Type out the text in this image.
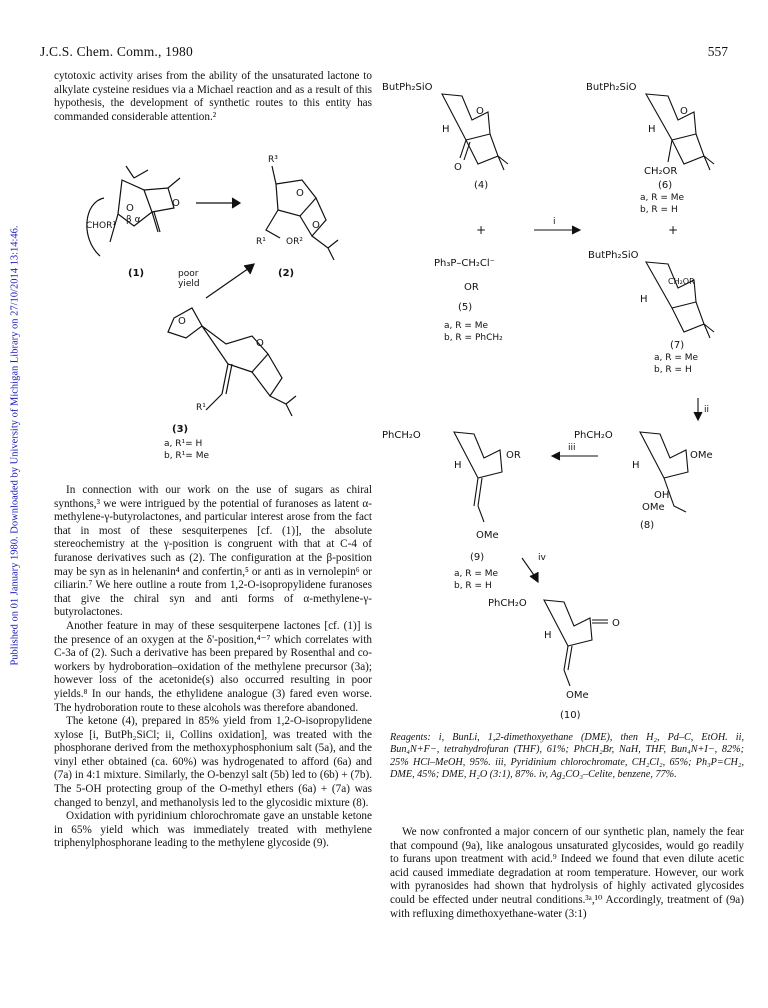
J.C.S. Chem. Comm., 1980	557
Published on 01 January 1980. Downloaded by University of Michigan Library on 27/10/2014 13:14:46.

cytotoxic activity arises from the ability of the unsaturated lactone to alkylate cysteine residues via a Michael reaction and as a result of this hypothesis, the development of synthetic routes to this entity has commanded considerable attention.²

O	O
β α
CHOR¹
(1)
R³
O
O
R¹ OR²
(2)
poor
yield
O
O
R¹
(3)
a, R¹= H
b, R¹= Me

In connection with our work on the use of sugars as chiral synthons,³ we were intrigued by the potential of furanoses as latent α-methylene-γ-butyrolactones, and particular interest arose from the fact that in most of these sesquiterpenes [cf. (1)], the absolute stereochemistry at the γ-position is congruent with that at C-4 of furanose derivatives such as (2). The configuration at the β-position may be syn as in helenanin⁴ and confertin,⁵ or anti as in vernolepin⁶ or ciliarin.⁷ We here outline a route from 1,2-O-isopropylidene furanoses that give the chiral syn and anti forms of α-methylene-γ-butyrolactones.

Another feature in may of these sesquiterpene lactones [cf. (1)] is the presence of an oxygen at the δ'-position,⁴⁻⁷ which correlates with C-3a of (2). Such a derivative has been prepared by Rosenthal and co-workers by hydroboration–oxidation of the methylene precursor (3a); however loss of the acetonide(s) also occurred resulting in poor yields.⁸ In our hands, the ethylidene analogue (3) fared even worse. The hydroboration route to these alcohols was therefore abandoned.

The ketone (4), prepared in 85% yield from 1,2-O-isopropylidene xylose [i, ButPh₂SiCl; ii, Collins oxidation], was treated with the phosphorane derived from the methoxyphosphonium salt (5a), and the vinyl ether obtained (ca. 60%) was hydrogenated to afford (6a) and (7a) in 4:1 mixture. Similarly, the O-benzyl salt (5b) led to (6b) + (7b). The 5-OH protecting group of the O-methyl ethers (6a) + (7a) was changed to benzyl, and methanolysis led to the glycosidic mixture (8).

Oxidation with pyridinium chlorochromate gave an unstable ketone in 65% yield which was immediately treated with methylene triphenylphosphorane leading to the methylene glycoside (9).

ButPh₂SiO	ButPh₂SiO
O	O
H	H
O	CH₂OR
(4)	(6)
a, R = Me
b, R = H
+
i
+
ButPh₂SiO
Ph₃P–CH₂Cl⁻
OR
(5)
a, R = Me
b, R = PhCH₂
CH₂OR
H
(7)
a, R = Me
b, R = H
ii
PhCH₂O
OMe
H
OH
OMe
(8)
iii
PhCH₂O
OR
H
OMe
(9)
a, R = Me
b, R = H
iv
PhCH₂O
O
H
OMe
(10)

Reagents: i, BunLi, 1,2-dimethoxyethane (DME), then H₂, Pd–C, EtOH. ii, Bun₄N+F−, tetrahydrofuran (THF), 61%; PhCH₂Br, NaH, THF, Bun₄N+I−, 82%; 25% HCl–MeOH, 95%. iii, Pyridinium chlorochromate, CH₂Cl₂, 65%; Ph₃P=CH₂, DME, 45%; DME, H₂O (3:1), 87%. iv, Ag₂CO₃–Celite, benzene, 77%.

We now confronted a major concern of our synthetic plan, namely the fear that compound (9a), like analogous unsaturated glycosides, would go readily to furans upon treatment with acid.⁹ Indeed we found that even dilute acetic acid caused immediate degradation at room temperature. However, our work with pyranosides had shown that hydrolysis of highly activated glycosides could be effected under neutral conditions.³ᵃ,¹⁰ Accordingly, treatment of (9a) with refluxing dimethoxyethane-water (3:1)
